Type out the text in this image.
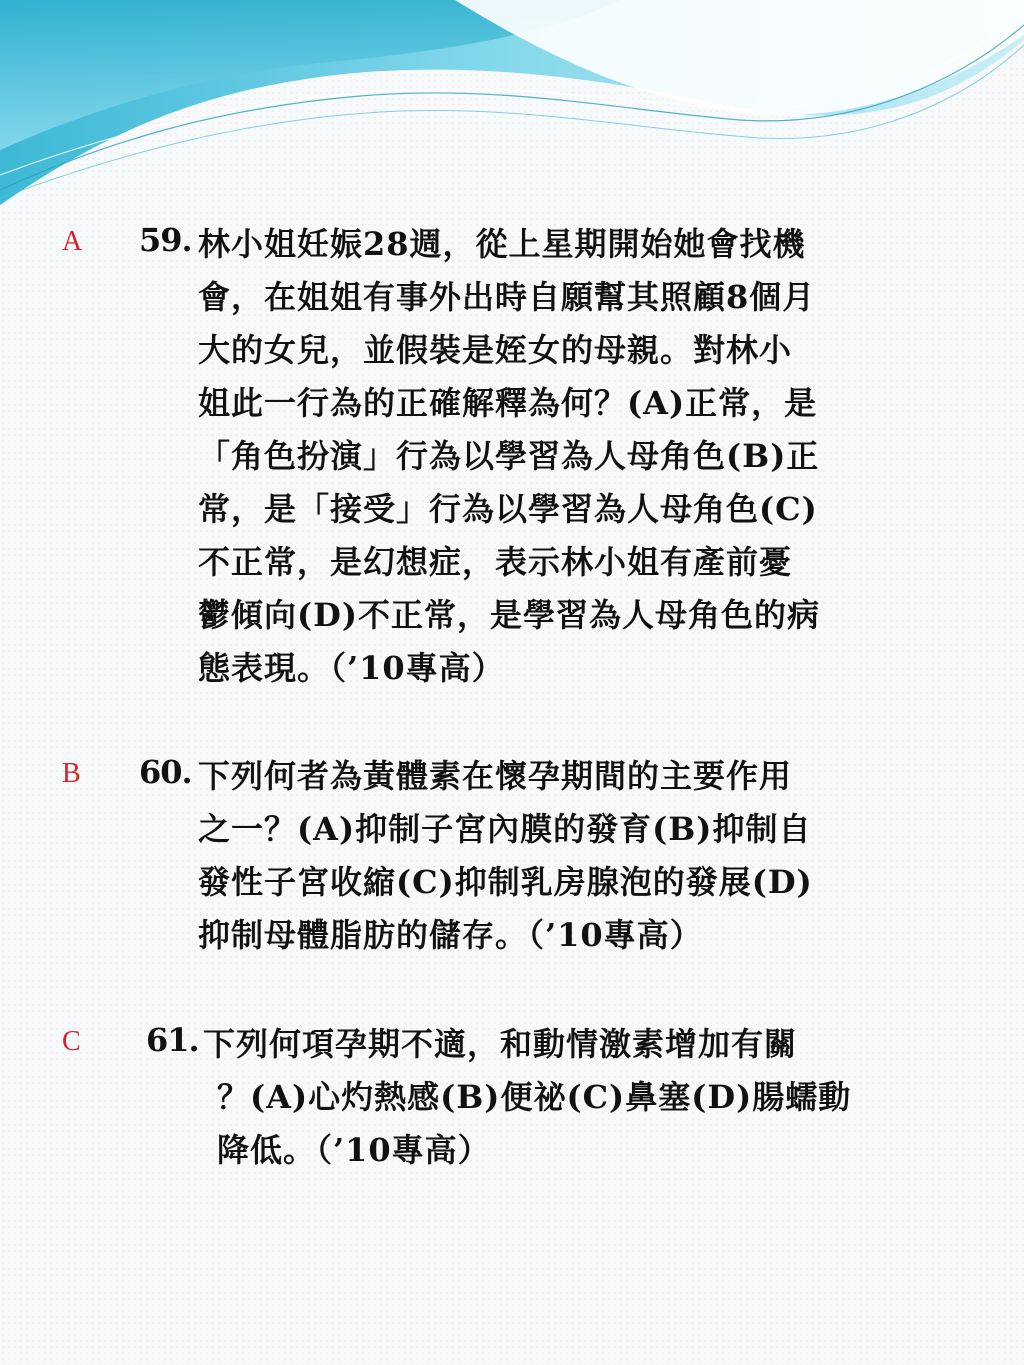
A 59. 林小姐妊娠28週，從上星期開始她會找機
會，在姐姐有事外出時自願幫其照顧8個月
大的女兒，並假裝是姪女的母親。對林小
姐此一行為的正確解釋為何？(A)正常，是
「角色扮演」行為以學習為人母角色(B)正
常，是「接受」行為以學習為人母角色(C)
不正常，是幻想症，表示林小姐有產前憂
鬱傾向(D)不正常，是學習為人母角色的病
態表現。（’10專高）
B 60. 下列何者為黃體素在懷孕期間的主要作用
之一？(A)抑制子宮內膜的發育(B)抑制自
發性子宮收縮(C)抑制乳房腺泡的發展(D)
抑制母體脂肪的儲存。（’10專高）
C 61. 下列何項孕期不適，和動情激素增加有關
？(A)心灼熱感(B)便祕(C)鼻塞(D)腸蠕動
降低。（’10專高）
